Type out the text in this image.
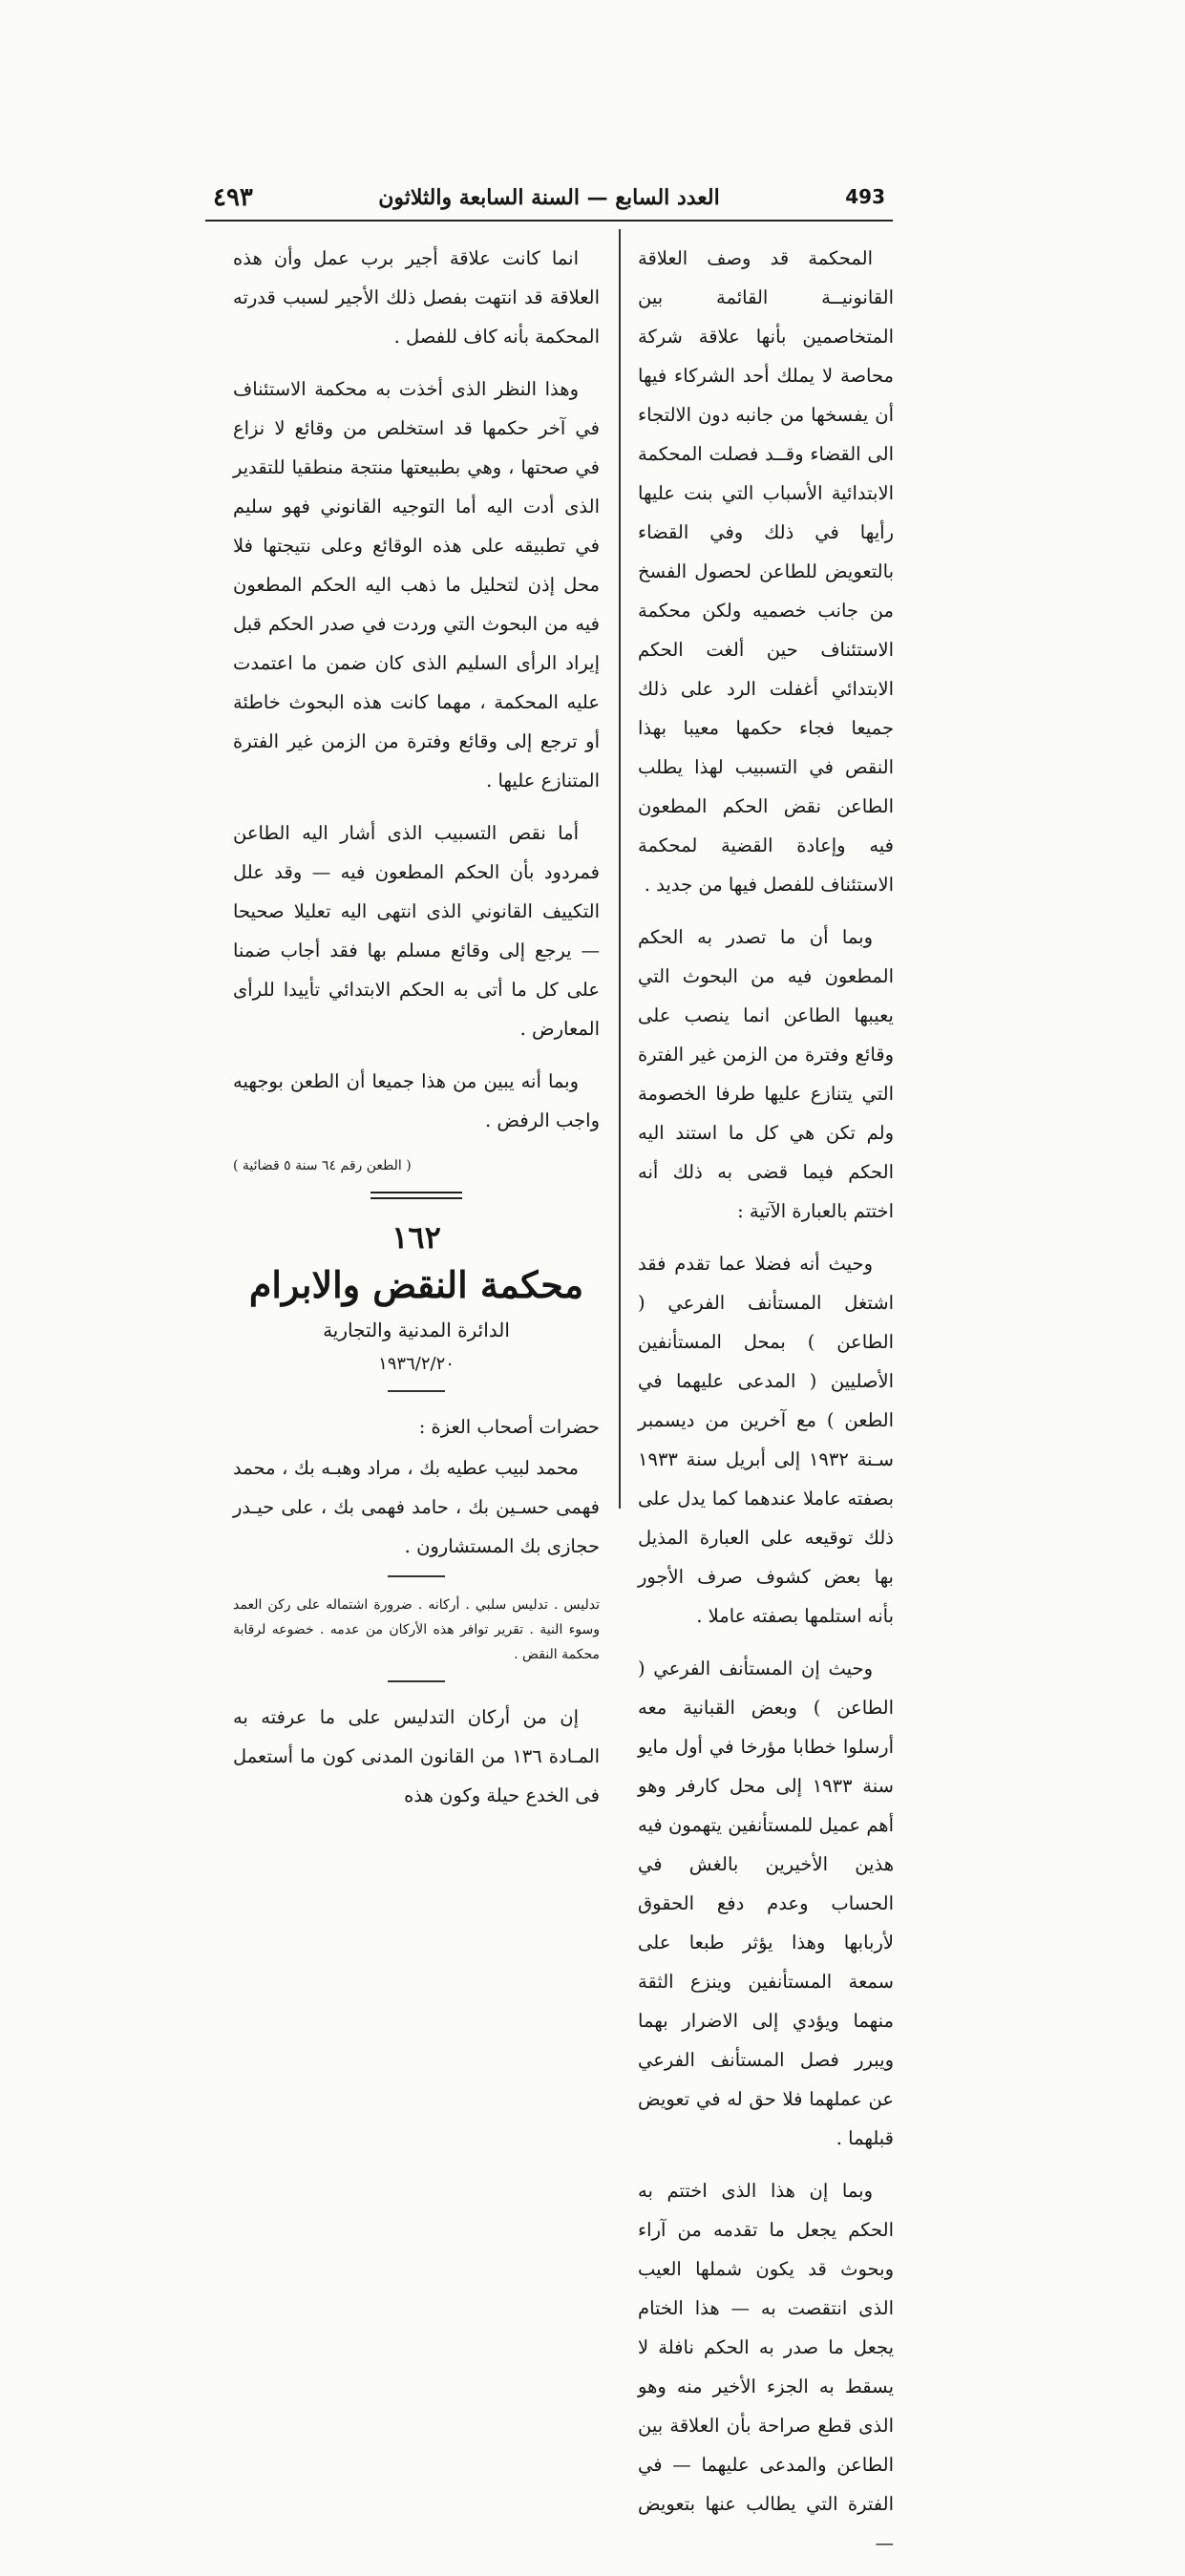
٤٩٣	العدد السابع — السنة السابعة والثلاثون	493

المحكمة قد وصف العلاقة القانونيــة القائمة بين المتخاصمين بأنها علاقة شركة محاصة لا يملك أحد الشركاء فيها أن يفسخها من جانبه دون الالتجاء الى القضاء وقــد فصلت المحكمة الابتدائية الأسباب التي بنت عليها رأيها في ذلك وفي القضاء بالتعويض للطاعن لحصول الفسخ من جانب خصميه ولكن محكمة الاستئناف حين ألغت الحكم الابتدائي أغفلت الرد على ذلك جميعا فجاء حكمها معيبا بهذا النقص في التسبيب لهذا يطلب الطاعن نقض الحكم المطعون فيه وإعادة القضية لمحكمة الاستئناف للفصل فيها من جديد .

وبما أن ما تصدر به الحكم المطعون فيه من البحوث التي يعيبها الطاعن انما ينصب على وقائع وفترة من الزمن غير الفترة التي يتنازع عليها طرفا الخصومة ولم تكن هي كل ما استند اليه الحكم فيما قضى به ذلك أنه اختتم بالعبارة الآتية :

وحيث أنه فضلا عما تقدم فقد اشتغل المستأنف الفرعي ( الطاعن ) بمحل المستأنفين الأصليين ( المدعى عليهما في الطعن ) مع آخرين من ديسمبر سـنة ١٩٣٢ إلى أبريل سنة ١٩٣٣ بصفته عاملا عندهما كما يدل على ذلك توقيعه على العبارة المذيل بها بعض كشوف صرف الأجور بأنه استلمها بصفته عاملا .

وحيث إن المستأنف الفرعي ( الطاعن ) وبعض القبانية معه أرسلوا خطابا مؤرخا في أول مايو سنة ١٩٣٣ إلى محل كارفر وهو أهم عميل للمستأنفين يتهمون فيه هذين الأخيرين بالغش في الحساب وعدم دفع الحقوق لأربابها وهذا يؤثر طبعا على سمعة المستأنفين وينزع الثقة منهما ويؤدي إلى الاضرار بهما ويبرر فصل المستأنف الفرعي عن عملهما فلا حق له في تعويض قبلهما .

وبما إن هذا الذى اختتم به الحكم يجعل ما تقدمه من آراء وبحوث قد يكون شملها العيب الذى انتقصت به — هذا الختام يجعل ما صدر به الحكم نافلة لا يسقط به الجزء الأخير منه وهو الذى قطع صراحة بأن العلاقة بين الطاعن والمدعى عليهما — في الفترة التي يطالب عنها بتعويض —

انما كانت علاقة أجير برب عمل وأن هذه العلاقة قد انتهت بفصل ذلك الأجير لسبب قدرته المحكمة بأنه كاف للفصل .

وهذا النظر الذى أخذت به محكمة الاستئناف في آخر حكمها قد استخلص من وقائع لا نزاع في صحتها ، وهي بطبيعتها منتجة منطقيا للتقدير الذى أدت اليه أما التوجيه القانوني فهو سليم في تطبيقه على هذه الوقائع وعلى نتيجتها فلا محل إذن لتحليل ما ذهب اليه الحكم المطعون فيه من البحوث التي وردت في صدر الحكم قبل إيراد الرأى السليم الذى كان ضمن ما اعتمدت عليه المحكمة ، مهما كانت هذه البحوث خاطئة أو ترجع إلى وقائع وفترة من الزمن غير الفترة المتنازع عليها .

أما نقص التسبيب الذى أشار اليه الطاعن فمردود بأن الحكم المطعون فيه — وقد علل التكييف القانوني الذى انتهى اليه تعليلا صحيحا — يرجع إلى وقائع مسلم بها فقد أجاب ضمنا على كل ما أتى به الحكم الابتدائي تأييدا للرأى المعارض .

وبما أنه يبين من هذا جميعا أن الطعن بوجهيه واجب الرفض .

( الطعن رقم ٦٤ سنة ٥ قضائية )
١٦٢
محكمة النقض والابرام
الدائرة المدنية والتجارية
١٩٣٦/٢/٢٠

حضرات أصحاب العزة :

محمد لبيب عطيه بك ، مراد وهبـه بك ، محمد فهمى حسـين بك ، حامد فهمى بك ، على حيـدر حجازى بك المستشارون .

تدليس . تدليس سلبي . أركانه . ضرورة اشتماله على ركن العمد وسوء النية . تقرير توافر هذه الأركان من عدمه . خضوعه لرقابة محكمة النقض .

إن من أركان التدليس على ما عرفته به المـادة ١٣٦ من القانون المدنى كون ما أستعمل فى الخدع حيلة وكون هذه
